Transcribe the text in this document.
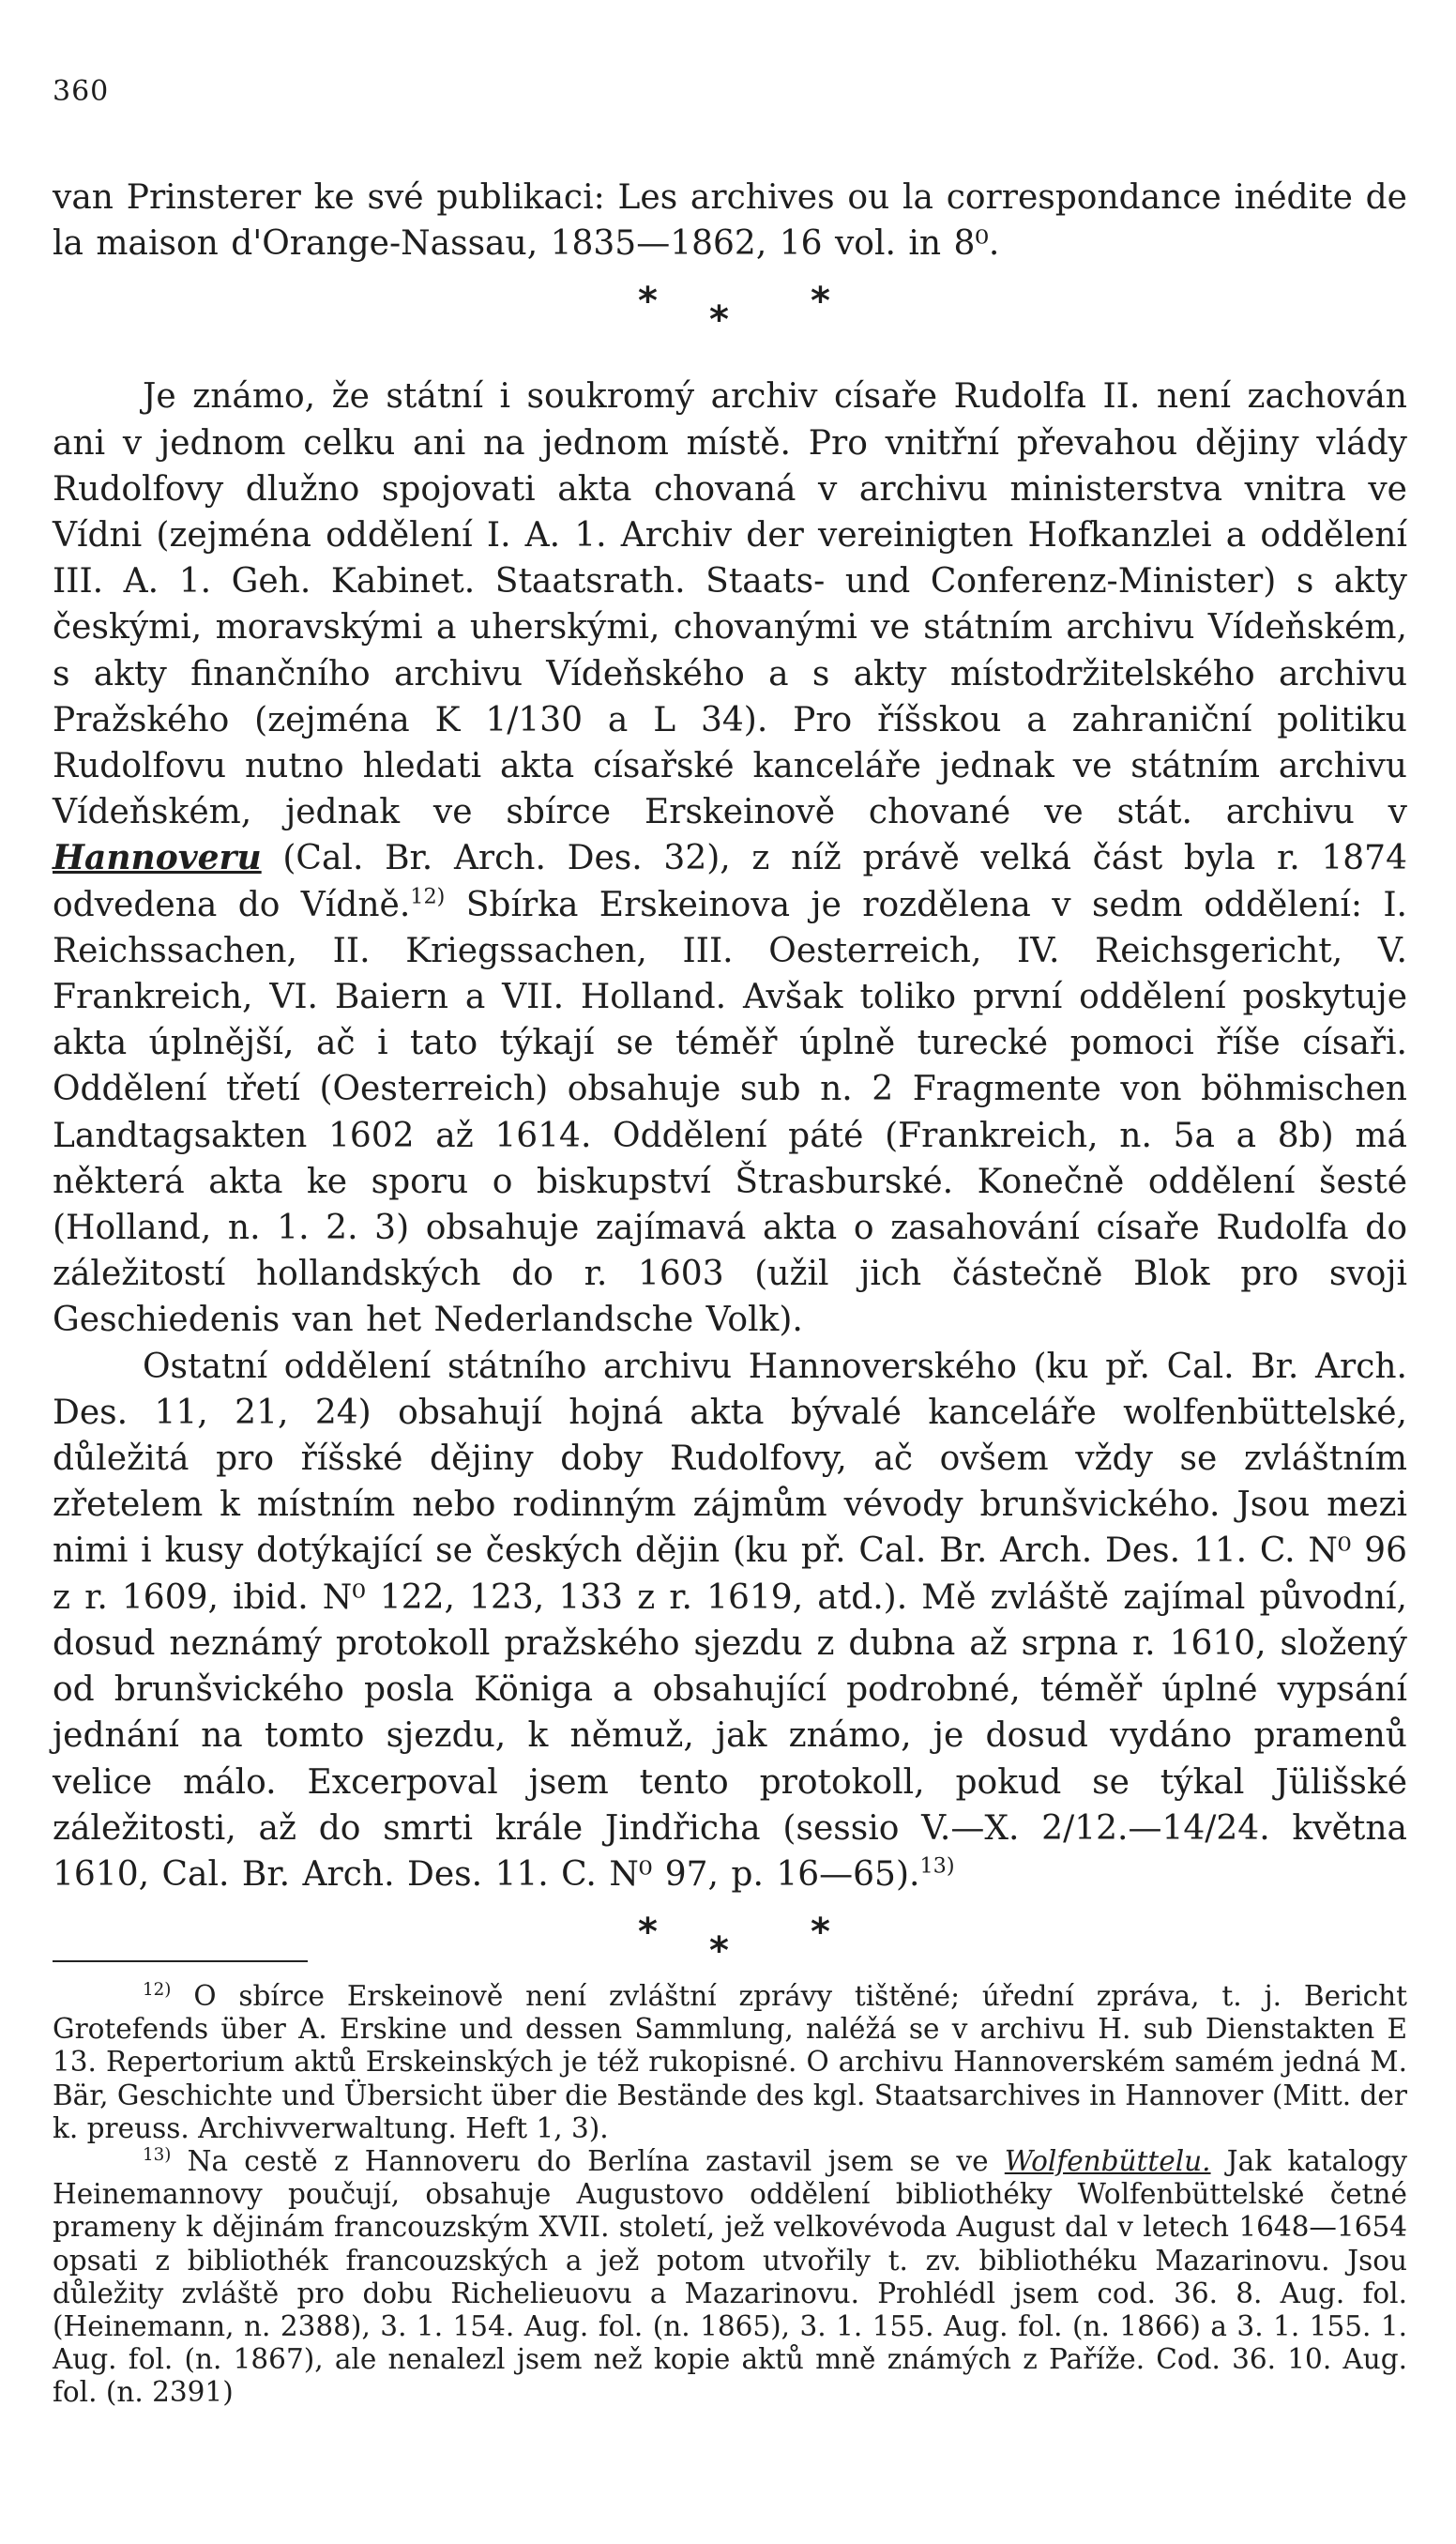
360

van Prinsterer ke své publikaci: Les archives ou la correspondance inédite de la maison d'Orange-Nassau, 1835—1862, 16 vol. in 8⁰.

* * *

Je známo, že státní i soukromý archiv císaře Rudolfa II. není zachován ani v jednom celku ani na jednom místě. Pro vnitřní převahou dějiny vlády Rudolfovy dlužno spojovati akta chovaná v archivu ministerstva vnitra ve Vídni (zejména oddělení I. A. 1. Archiv der vereinigten Hofkanzlei a oddělení III. A. 1. Geh. Kabinet. Staatsrath. Staats- und Conferenz-Minister) s akty českými, moravskými a uherskými, chovanými ve státním archivu Vídeňském, s akty finančního archivu Vídeňského a s akty místodržitelského archivu Pražského (zejména K 1/130 a L 34). Pro říšskou a zahraniční politiku Rudolfovu nutno hledati akta císařské kanceláře jednak ve státním archivu Vídeňském, jednak ve sbírce Erskeinově chované ve stát. archivu v Hannoveru (Cal. Br. Arch. Des. 32), z níž právě velká část byla r. 1874 odvedena do Vídně.$^{12)}$ Sbírka Erskeinova je rozdělena v sedm oddělení: I. Reichssachen, II. Kriegssachen, III. Oesterreich, IV. Reichsgericht, V. Frankreich, VI. Baiern a VII. Holland. Avšak toliko první oddělení poskytuje akta úplnější, ač i tato týkají se téměř úplně turecké pomoci říše císaři. Oddělení třetí (Oesterreich) obsahuje sub n. 2 Fragmente von böhmischen Landtagsakten 1602 až 1614. Oddělení páté (Frankreich, n. 5a a 8b) má některá akta ke sporu o biskupství Štrasburské. Konečně oddělení šesté (Holland, n. 1. 2. 3) obsahuje zajímavá akta o zasahování císaře Rudolfa do záležitostí hollandských do r. 1603 (užil jich částečně Blok pro svoji Geschiedenis van het Nederlandsche Volk).

Ostatní oddělení státního archivu Hannoverského (ku př. Cal. Br. Arch. Des. 11, 21, 24) obsahují hojná akta bývalé kanceláře wolfenbüttelské, důležitá pro říšské dějiny doby Rudolfovy, ač ovšem vždy se zvláštním zřetelem k místním nebo rodinným zájmům vévody brunšvického. Jsou mezi nimi i kusy dotýkající se českých dějin (ku př. Cal. Br. Arch. Des. 11. C. N⁰ 96 z r. 1609, ibid. N⁰ 122, 123, 133 z r. 1619, atd.). Mě zvláště zajímal původní, dosud neznámý protokoll pražského sjezdu z dubna až srpna r. 1610, složený od brunšvického posla Königa a obsahující podrobné, téměř úplné vypsání jednání na tomto sjezdu, k němuž, jak známo, je dosud vydáno pramenů velice málo. Excerpoval jsem tento protokoll, pokud se týkal Jülišské záležitosti, až do smrti krále Jindřicha (sessio V.—X. 2/12.—14/24. května 1610, Cal. Br. Arch. Des. 11. C. N⁰ 97, p. 16—65).$^{13)}$

* * *

$^{12)}$ O sbírce Erskeinově není zvláštní zprávy tištěné; úřední zpráva, t. j. Bericht Grotefends über A. Erskine und dessen Sammlung, naléžá se v archivu H. sub Dienstakten E 13. Repertorium aktů Erskeinských je též rukopisné. O archivu Hannoverském samém jedná M. Bär, Geschichte und Übersicht über die Bestände des kgl. Staatsarchives in Hannover (Mitt. der k. preuss. Archivverwaltung. Heft 1, 3).

$^{13)}$ Na cestě z Hannoveru do Berlína zastavil jsem se ve Wolfenbüttelu. Jak katalogy Heinemannovy poučují, obsahuje Augustovo oddělení bibliothéky Wolfenbüttelské četné prameny k dějinám francouzským XVII. století, jež velkovévoda August dal v letech 1648—1654 opsati z bibliothék francouzských a jež potom utvořily t. zv. bibliothéku Mazarinovu. Jsou důležity zvláště pro dobu Richelieuovu a Mazarinovu. Prohlédl jsem cod. 36. 8. Aug. fol. (Heinemann, n. 2388), 3. 1. 154. Aug. fol. (n. 1865), 3. 1. 155. Aug. fol. (n. 1866) a 3. 1. 155. 1. Aug. fol. (n. 1867), ale nenalezl jsem než kopie aktů mně známých z Paříže. Cod. 36. 10. Aug. fol. (n. 2391)
